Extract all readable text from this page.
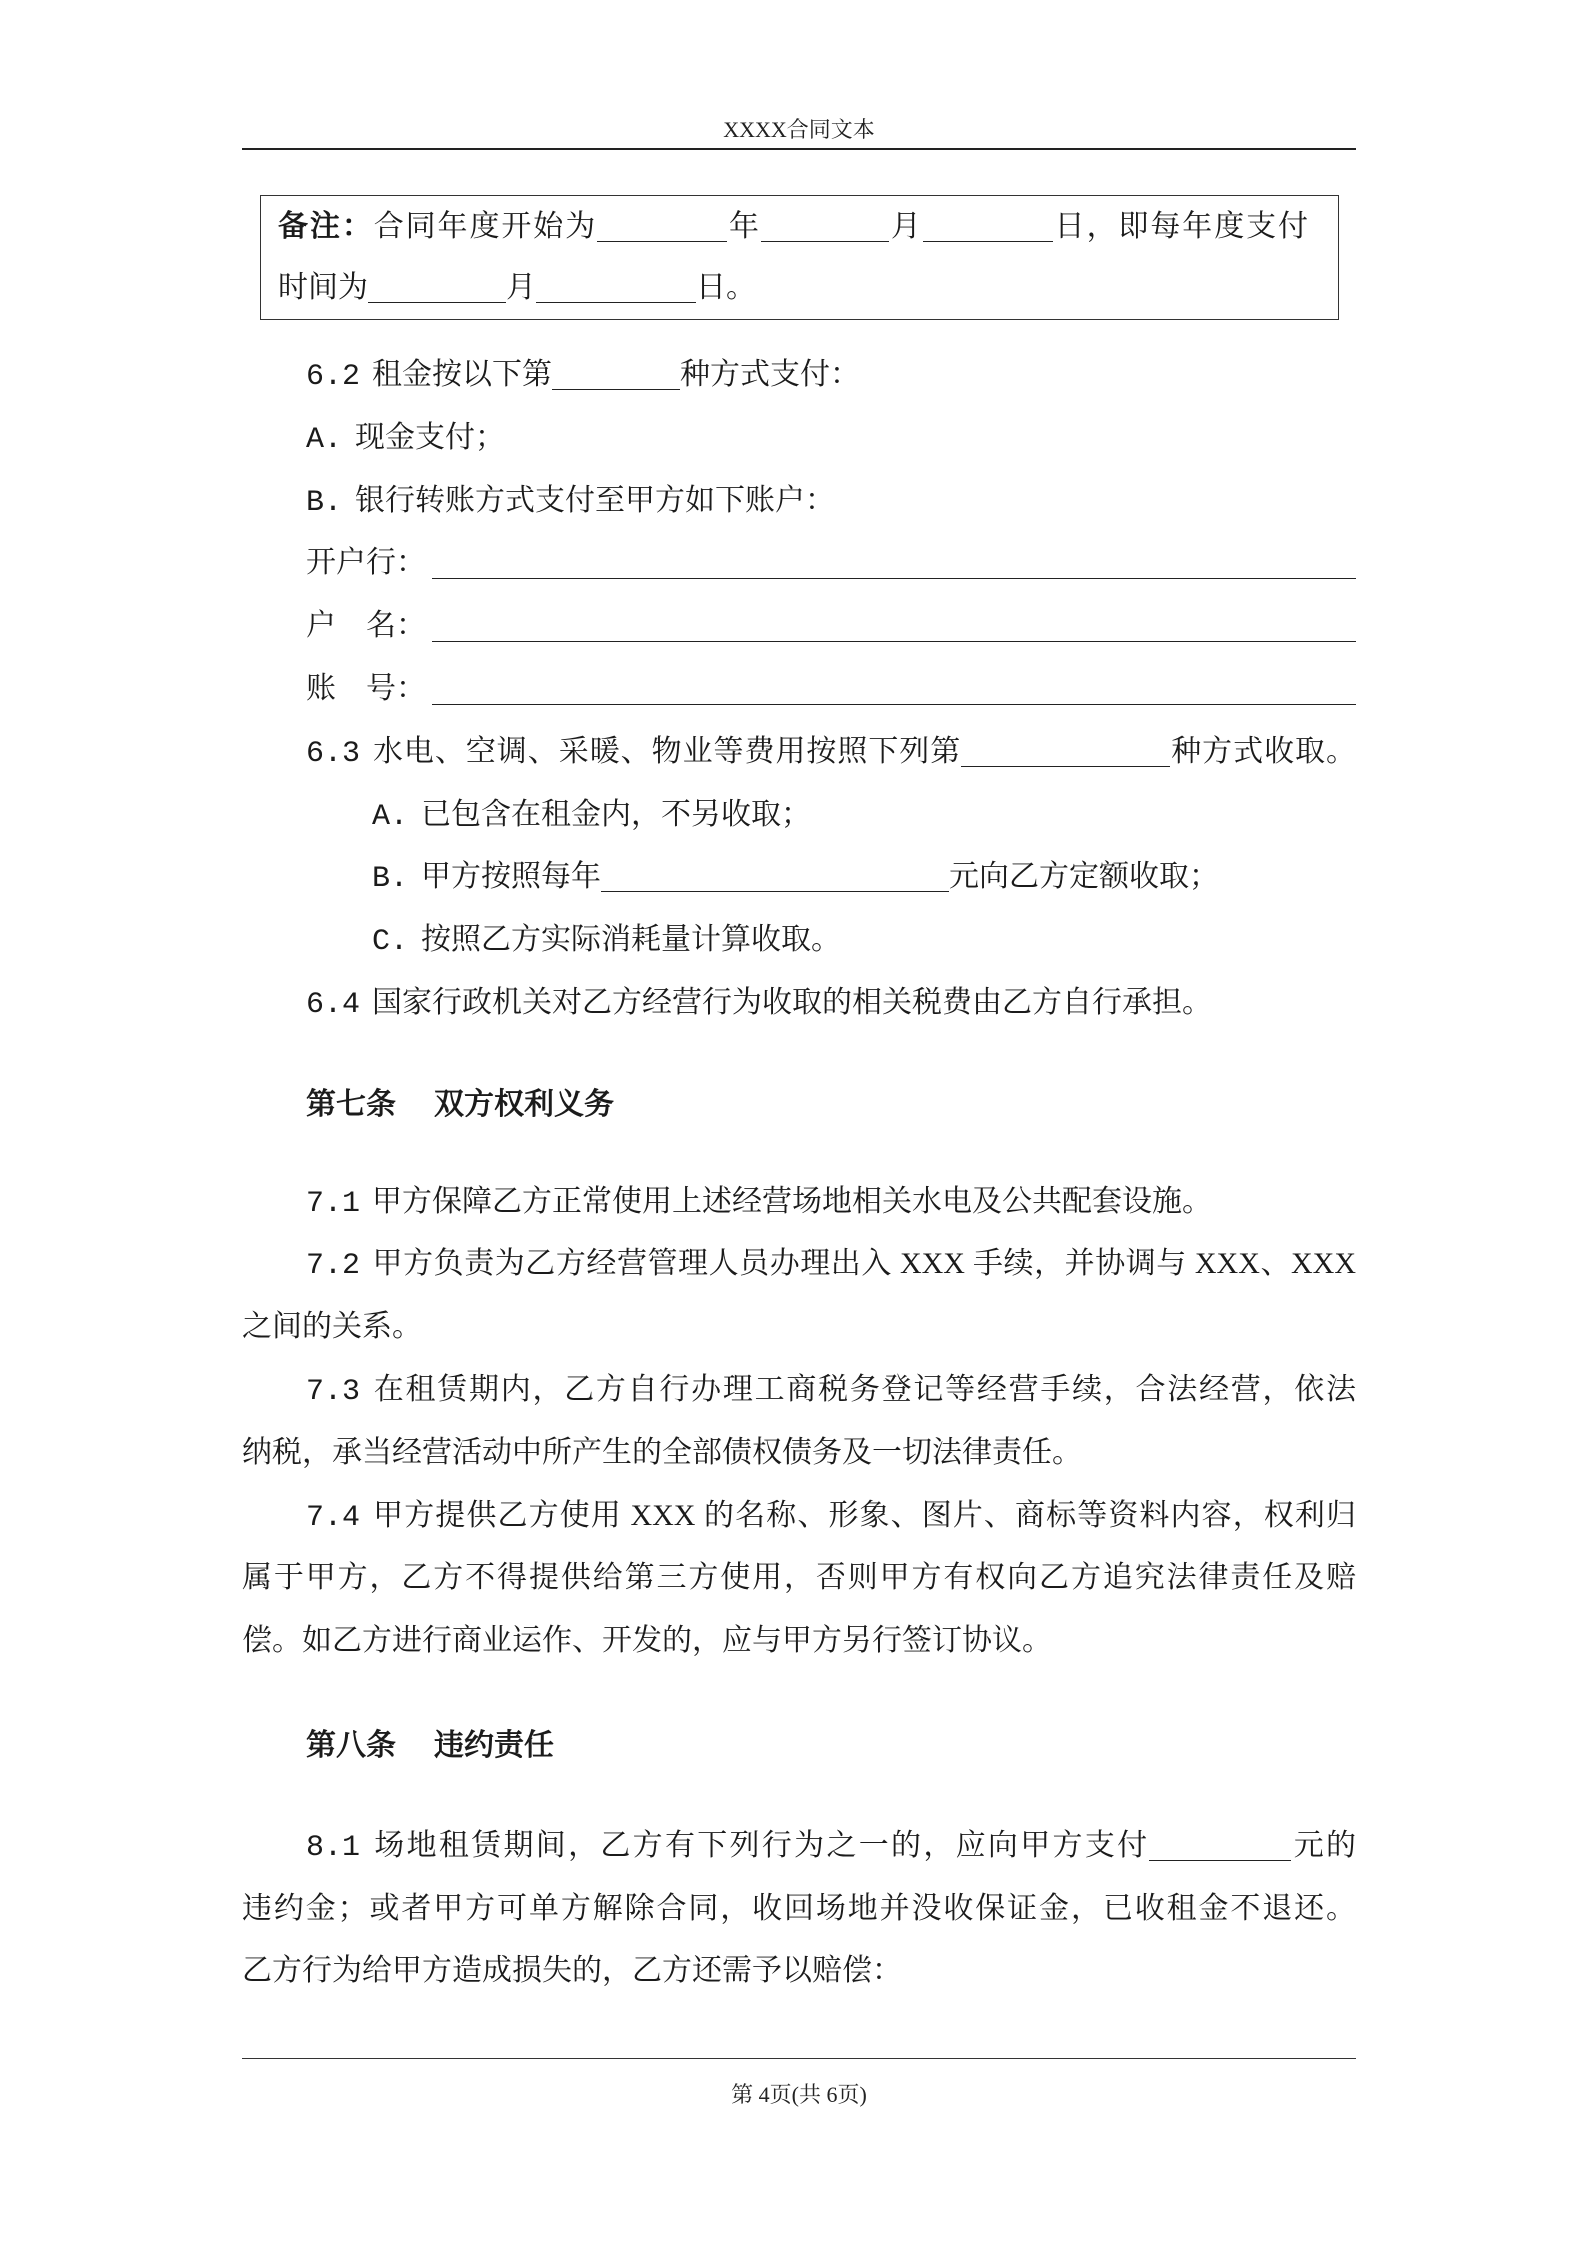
XXXX合同文本
备注：合同年度开始为	年	月	日，即每年度支付
时间为	月	日。
6.2 租金按以下第	种方式支付：
A. 现金支付；
B. 银行转账方式支付至甲方如下账户：
开户行：
户　名：
账　号：
6.3 水电、空调、采暖、物业等费用按照下列第	种方式收取。
A. 已包含在租金内，不另收取；
B. 甲方按照每年	元向乙方定额收取；
C. 按照乙方实际消耗量计算收取。
6.4 国家行政机关对乙方经营行为收取的相关税费由乙方自行承担。
第七条 双方权利义务
7.1 甲方保障乙方正常使用上述经营场地相关水电及公共配套设施。
7.2 甲方负责为乙方经营管理人员办理出入 XXX 手续，并协调与 XXX、XXX
之间的关系。
7.3 在租赁期内，乙方自行办理工商税务登记等经营手续，合法经营，依法
纳税，承当经营活动中所产生的全部债权债务及一切法律责任。
7.4 甲方提供乙方使用 XXX 的名称、形象、图片、商标等资料内容，权利归
属于甲方，乙方不得提供给第三方使用，否则甲方有权向乙方追究法律责任及赔
偿。如乙方进行商业运作、开发的，应与甲方另行签订协议。
第八条 违约责任
8.1 场地租赁期间，乙方有下列行为之一的，应向甲方支付	元的
违约金；或者甲方可单方解除合同，收回场地并没收保证金，已收租金不退还。
乙方行为给甲方造成损失的，乙方还需予以赔偿：
第 4页(共 6页)
